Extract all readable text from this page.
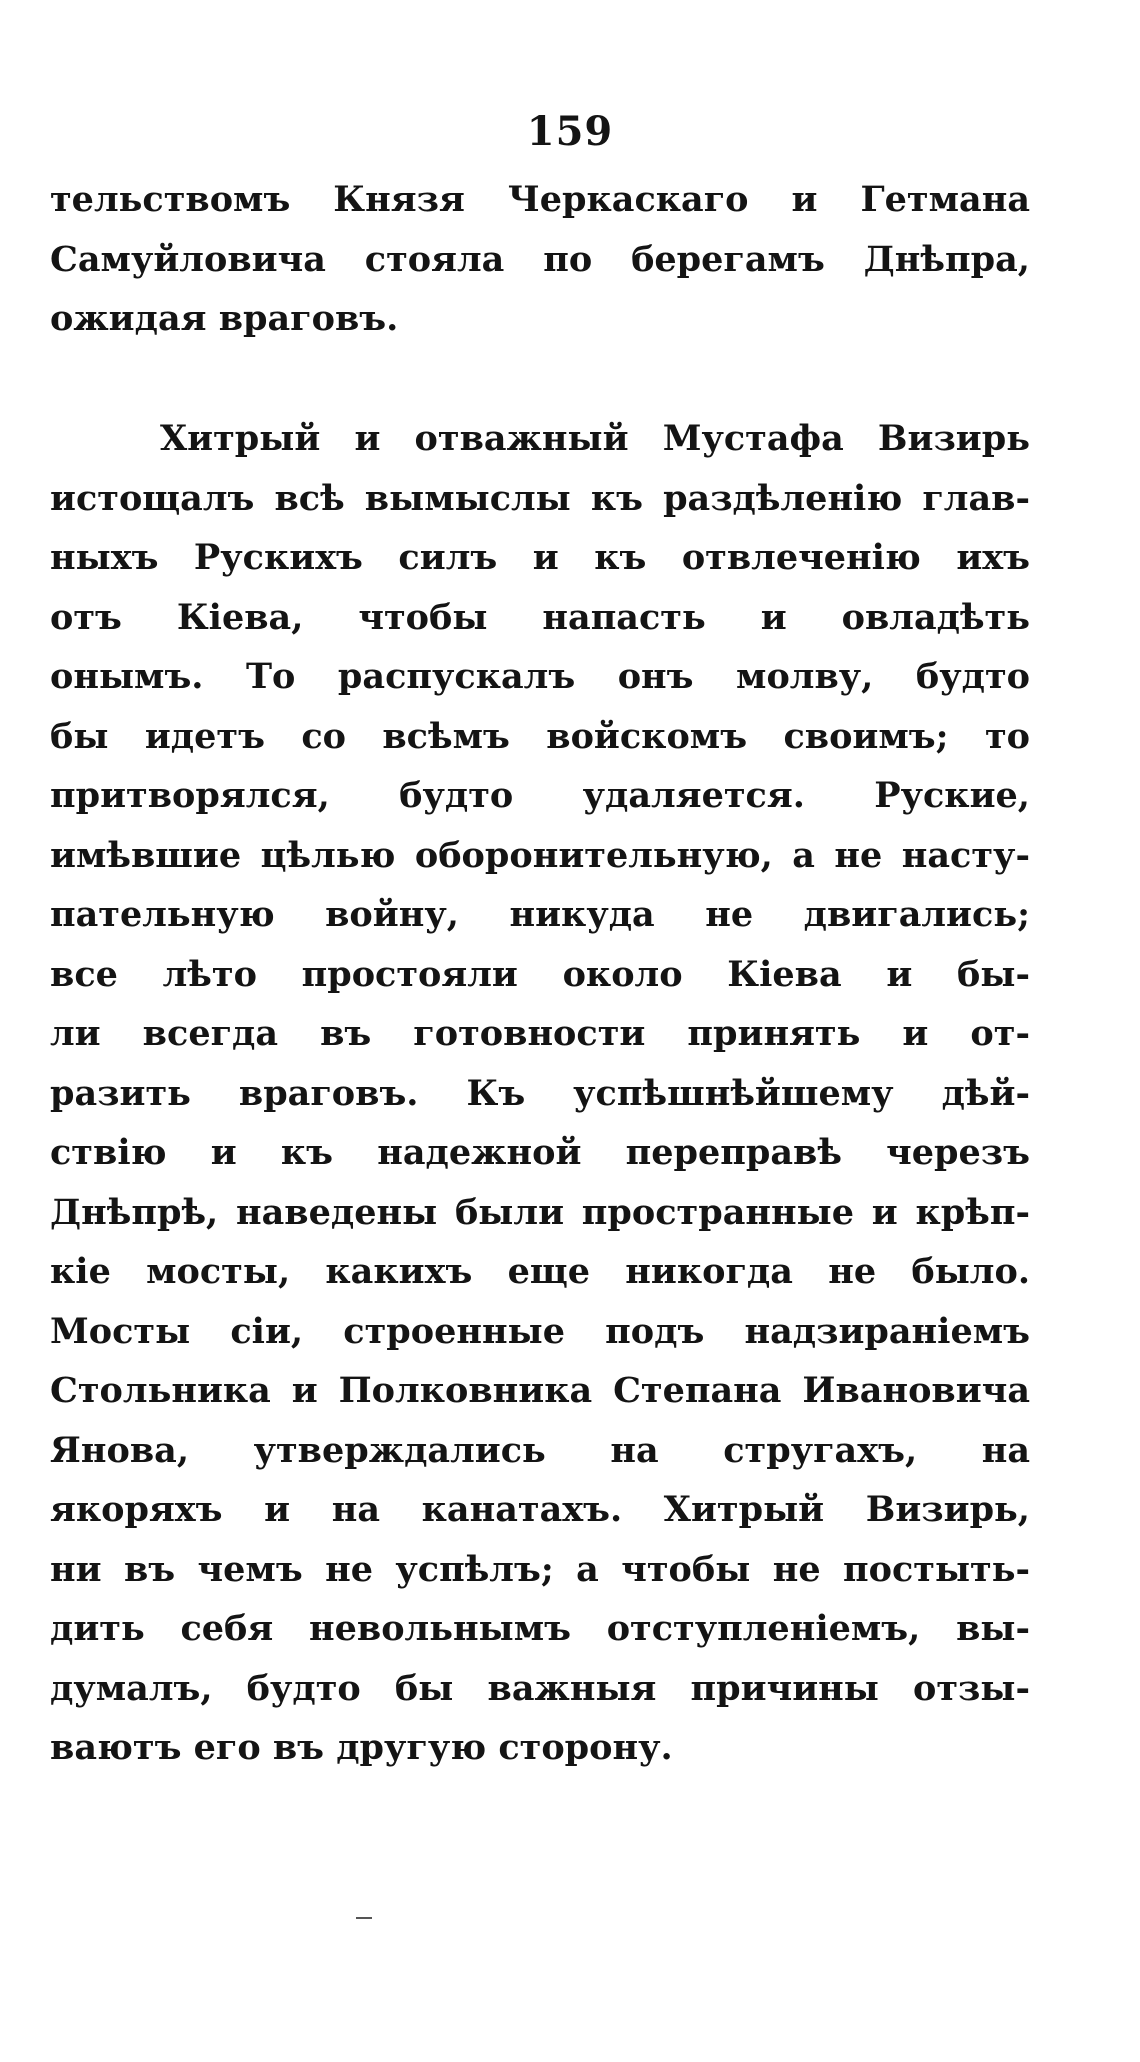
159
тельствомъ Князя Черкаскаго и Гетмана
Самуйловича стояла по берегамъ Днѣпра,
ожидая враговъ.
Хитрый и отважный Мустафа Визирь
истощалъ всѣ вымыслы къ раздѣленію глав-
ныхъ Рускихъ силъ и къ отвлеченію ихъ
отъ Кіева, чтобы напасть и овладѣть
онымъ. То распускалъ онъ молву, будто
бы идетъ со всѣмъ войскомъ своимъ; то
притворялся, будто удаляется. Руские,
имѣвшие цѣлью оборонительную, а не насту-
пательную войну, никуда не двигались;
все лѣто простояли около Кіева и бы-
ли всегда въ готовности принять и от-
разить враговъ. Къ успѣшнѣйшему дѣй-
ствію и къ надежной переправѣ черезъ
Днѣпрѣ, наведены были пространные и крѣп-
кіе мосты, какихъ еще никогда не было.
Мосты сіи, строенные подъ надзираніемъ
Стольника и Полковника Степана Ивановича
Янова, утверждались на стругахъ, на
якоряхъ и на канатахъ. Хитрый Визирь,
ни въ чемъ не успѣлъ; а чтобы не постыть-
дить себя невольнымъ отступленіемъ, вы-
думалъ, будто бы важныя причины отзы-
ваютъ его въ другую сторону.
